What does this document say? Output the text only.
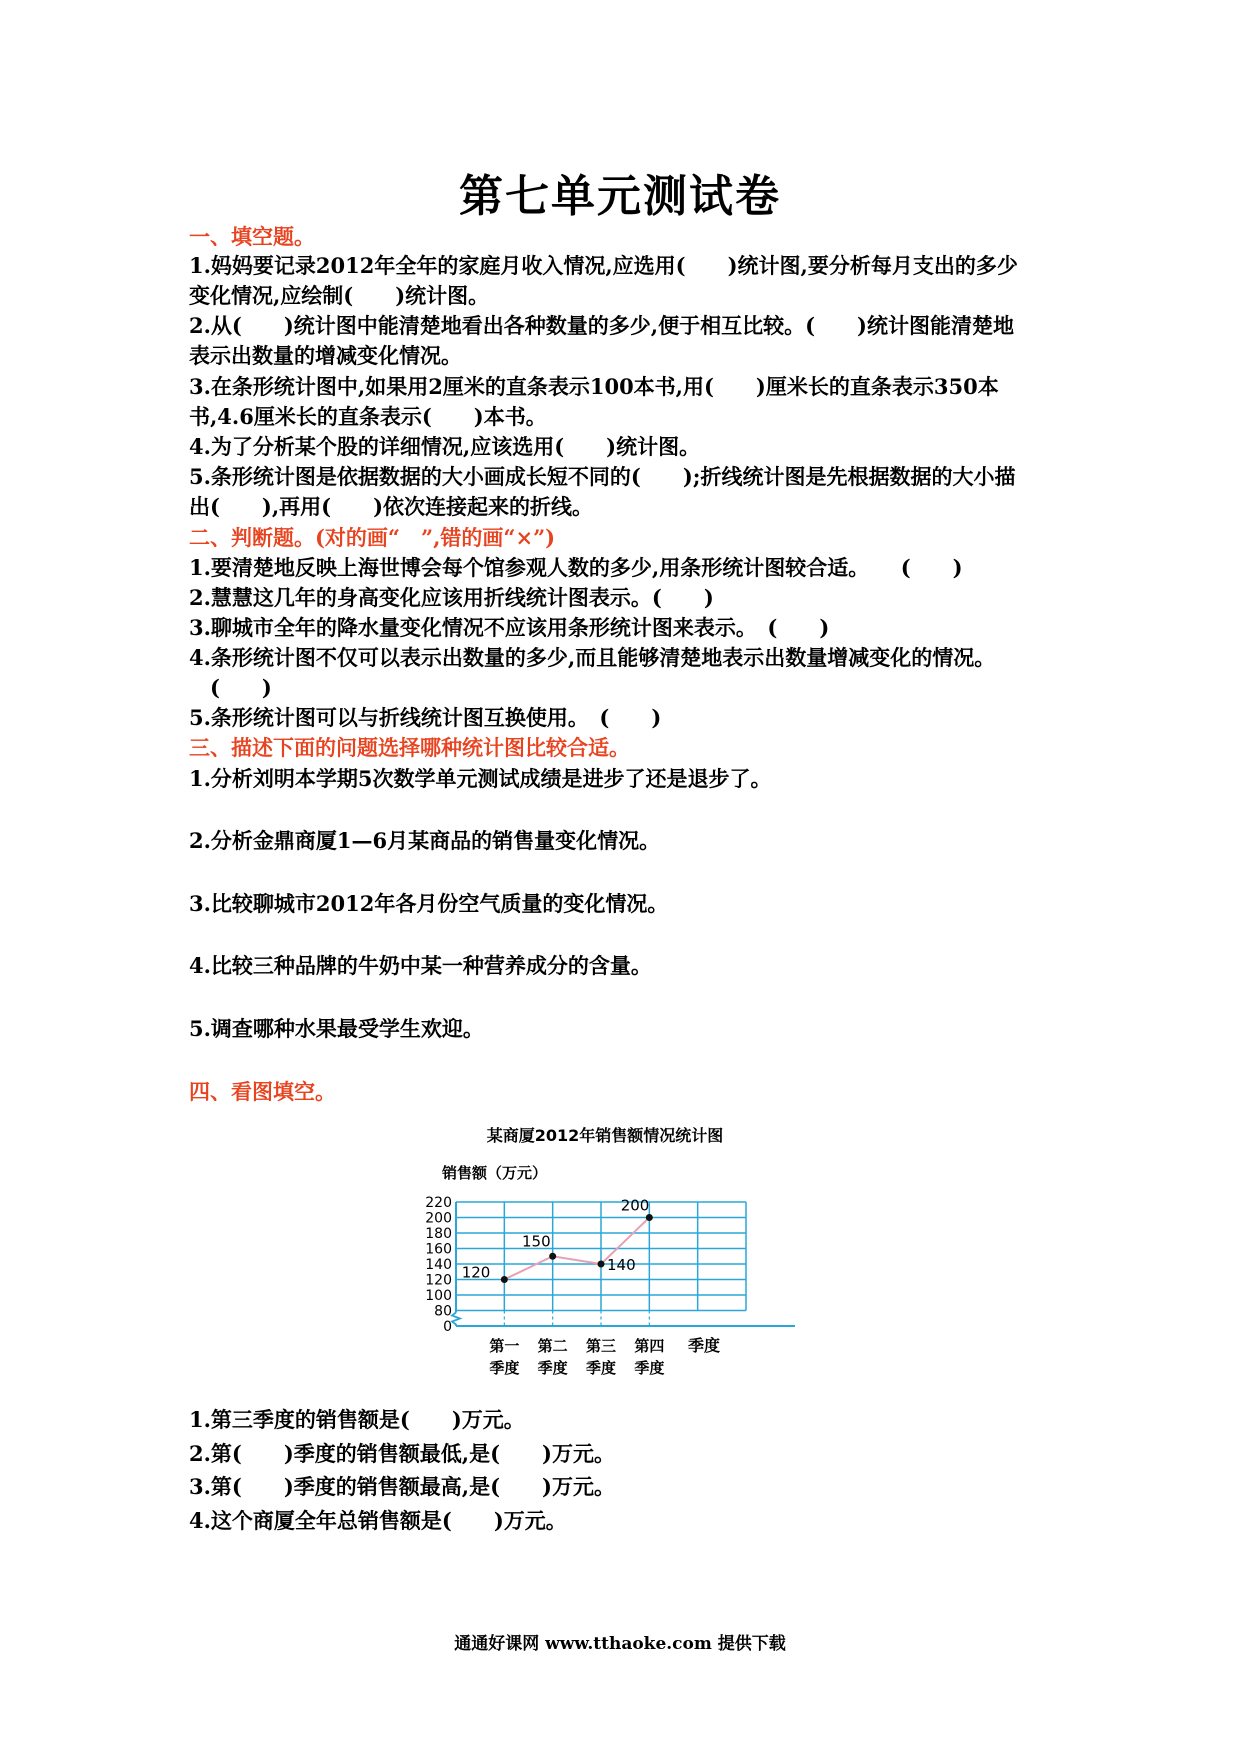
第七单元测试卷
一、填空题。
1.妈妈要记录2012年全年的家庭月收入情况,应选用(　　)统计图,要分析每月支出的多少
变化情况,应绘制(　　)统计图。
2.从(　　)统计图中能清楚地看出各种数量的多少,便于相互比较。(　　)统计图能清楚地
表示出数量的增减变化情况。
3.在条形统计图中,如果用2厘米的直条表示100本书,用(　　)厘米长的直条表示350本
书,4.6厘米长的直条表示(　　)本书。
4.为了分析某个股的详细情况,应该选用(　　)统计图。
5.条形统计图是依据数据的大小画成长短不同的(　　);折线统计图是先根据数据的大小描
出(　　),再用(　　)依次连接起来的折线。
二、判断题。(对的画“　”,错的画“×”)
1.要清楚地反映上海世博会每个馆参观人数的多少,用条形统计图较合适。　　(　　)
2.慧慧这几年的身高变化应该用折线统计图表示。(　　)
3.聊城市全年的降水量变化情况不应该用条形统计图来表示。　(　　)
4.条形统计图不仅可以表示出数量的多少,而且能够清楚地表示出数量增减变化的情况。
　(　　)
5.条形统计图可以与折线统计图互换使用。　(　　)
三、描述下面的问题选择哪种统计图比较合适。
1.分析刘明本学期5次数学单元测试成绩是进步了还是退步了。
2.分析金鼎商厦1—6月某商品的销售量变化情况。
3.比较聊城市2012年各月份空气质量的变化情况。
4.比较三种品牌的牛奶中某一种营养成分的含量。
5.调查哪种水果最受学生欢迎。
四、看图填空。
某商厦2012年销售额情况统计图
销售额（万元）
0
80
100
120
140
160
180
200
220
第一
季度
第二
季度
第三
季度
第四
季度
120
150
140
200
季度
1.第三季度的销售额是(　　)万元。
2.第(　　)季度的销售额最低,是(　　)万元。
3.第(　　)季度的销售额最高,是(　　)万元。
4.这个商厦全年总销售额是(　　)万元。
通通好课网 www.tthaoke.com 提供下载
